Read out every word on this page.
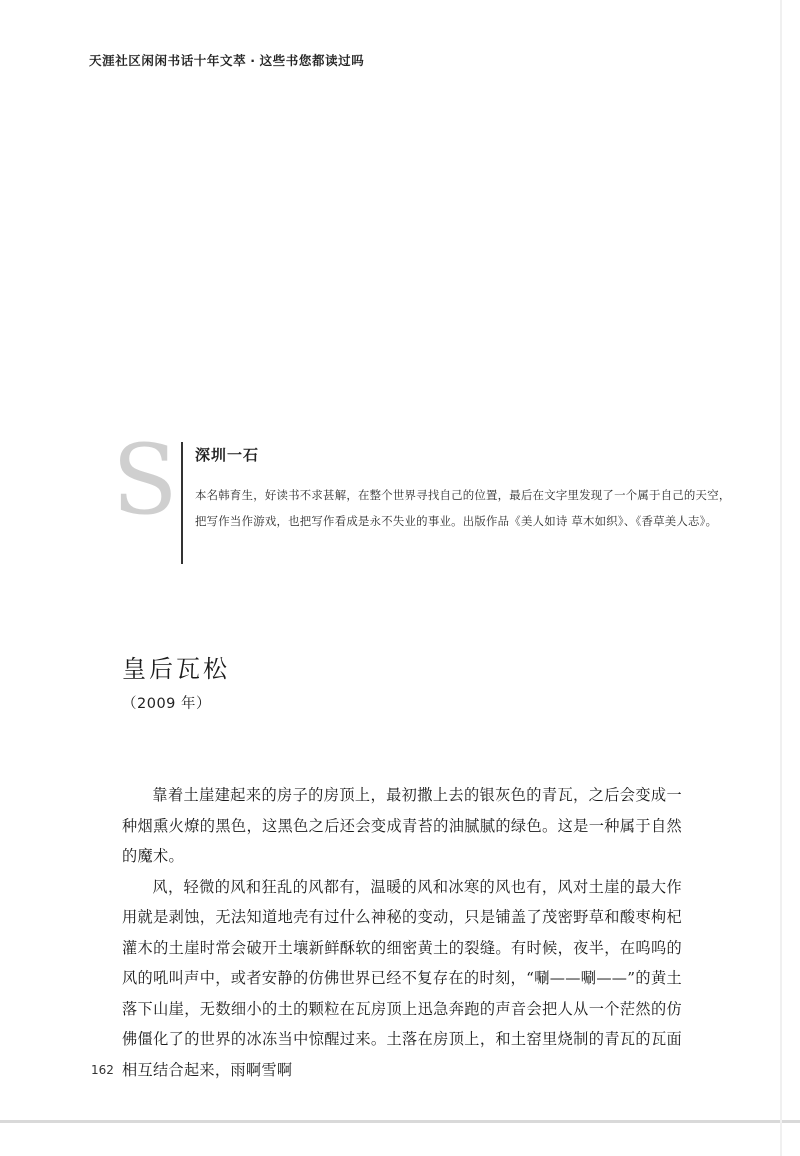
天涯社区闲闲书话十年文萃 · 这些书您都读过吗
S 深圳一石
本名韩育生，好读书不求甚解，在整个世界寻找自己的位置，最后在文字里发现了一个属于自己的天空，把写作当作游戏，也把写作看成是永不失业的事业。出版作品《美人如诗 草木如织》、《香草美人志》。
皇后瓦松
（2009 年）

靠着土崖建起来的房子的房顶上，最初撒上去的银灰色的青瓦，之后会变成一种烟熏火燎的黑色，这黑色之后还会变成青苔的油腻腻的绿色。这是一种属于自然的魔术。

风，轻微的风和狂乱的风都有，温暖的风和冰寒的风也有，风对土崖的最大作用就是剥蚀，无法知道地壳有过什么神秘的变动，只是铺盖了茂密野草和酸枣枸杞灌木的土崖时常会破开土壤新鲜酥软的细密黄土的裂缝。有时候，夜半，在呜呜的风的吼叫声中，或者安静的仿佛世界已经不复存在的时刻，“唰——唰——”的黄土落下山崖，无数细小的土的颗粒在瓦房顶上迅急奔跑的声音会把人从一个茫然的仿佛僵化了的世界的冰冻当中惊醒过来。土落在房顶上，和土窑里烧制的青瓦的瓦面相互结合起来，雨啊雪啊

162
